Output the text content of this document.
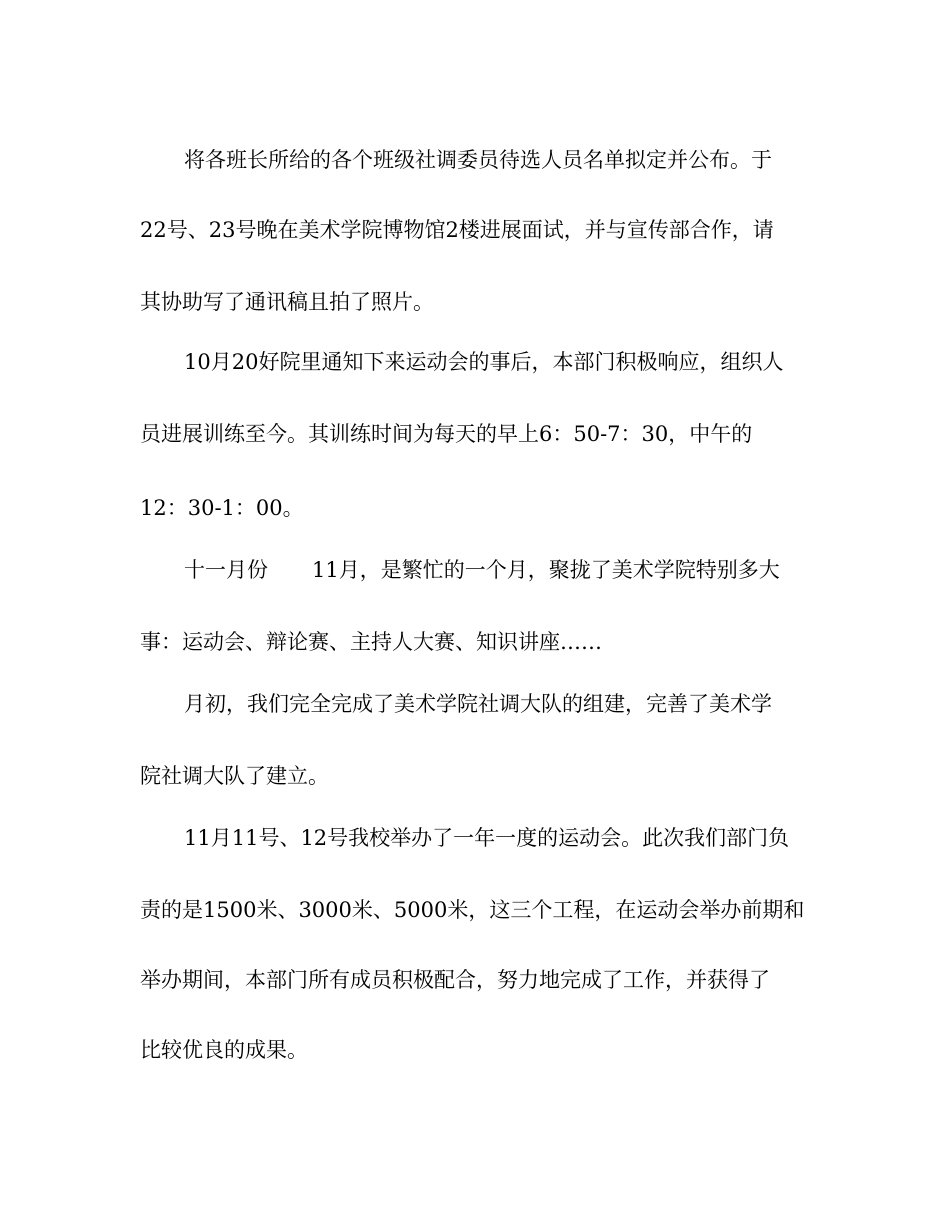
将各班长所给的各个班级社调委员待选人员名单拟定并公布。于
22号、23号晚在美术学院博物馆2楼进展面试，并与宣传部合作，请
其协助写了通讯稿且拍了照片。
10月20好院里通知下来运动会的事后，本部门积极响应，组织人
员进展训练至今。其训练时间为每天的早上6：50-7：30，中午的
12：30-1：00。
十一月份 11月，是繁忙的一个月，聚拢了美术学院特别多大
事：运动会、辩论赛、主持人大赛、知识讲座……
月初，我们完全完成了美术学院社调大队的组建，完善了美术学
院社调大队了建立。
11月11号、12号我校举办了一年一度的运动会。此次我们部门负
责的是1500米、3000米、5000米，这三个工程，在运动会举办前期和
举办期间，本部门所有成员积极配合，努力地完成了工作，并获得了
比较优良的成果。
